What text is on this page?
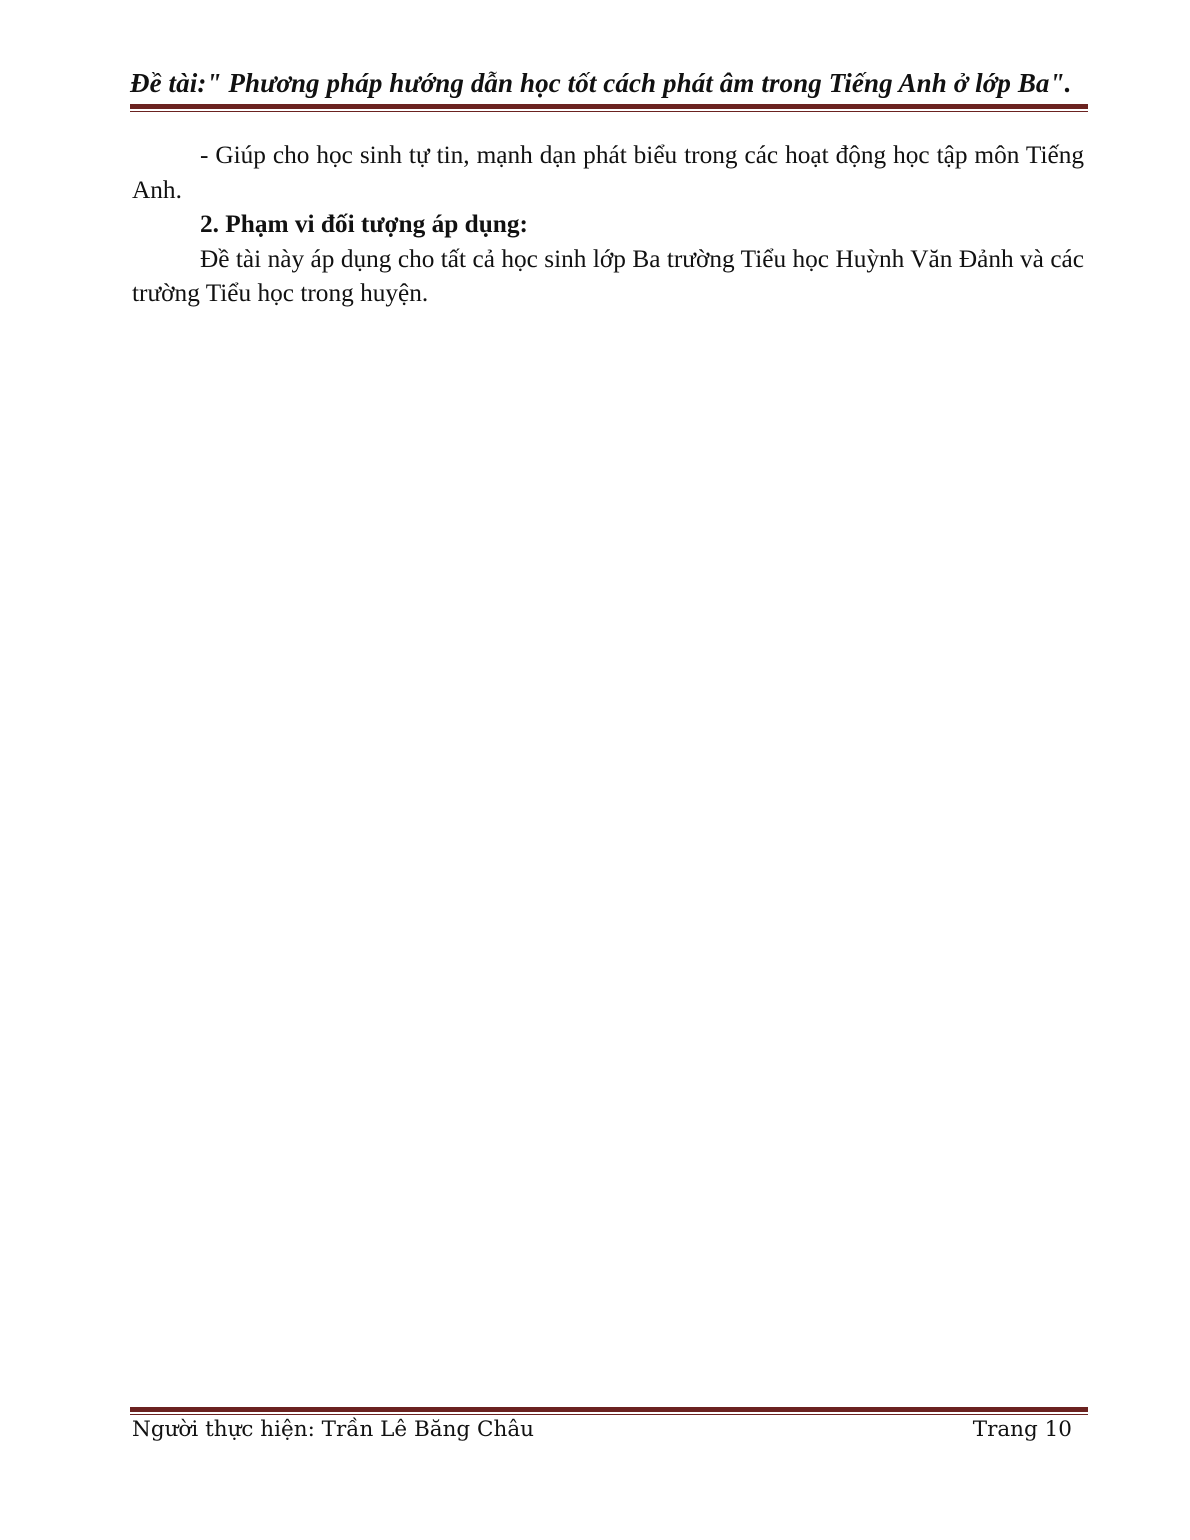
Đề tài:" Phương pháp hướng dẫn học tốt cách phát âm trong Tiếng Anh ở lớp Ba".

- Giúp cho học sinh tự tin, mạnh dạn phát biểu trong các hoạt động học tập môn Tiếng Anh.

2. Phạm vi đối tượng áp dụng:

Đề tài này áp dụng cho tất cả học sinh lớp Ba trường Tiểu học Huỳnh Văn Đảnh và các trường Tiểu học trong huyện.

Người thực hiện: Trần Lê Băng Châu	Trang 10
